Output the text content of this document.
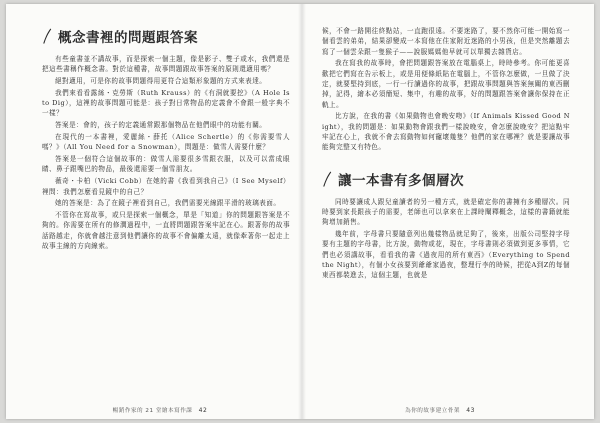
概念書裡的問題跟答案

有些童書並不講故事，而是探索一個主題，像是影子、雙子或水，我們還是把這些書稱作概念書。對於這種書，故事問題跟故事答案的原則還適用嗎？

絕對適用，可是你的故事問題得用更符合這類形象題的方式來表達。

我們來看看露絲・克勞斯（Ruth Krauss）的《有洞就要挖》（A Hole Is to Dig），這裡的故事問題可能是：孩子對日常物品的定義會不會跟一般字典不一樣？

答案是：會的，孩子的定義通常跟那個物品在他們眼中的功能有關。

在現代的一本書裡，愛麗絲・薛托（Alice Schertle）的《你需要雪人嗎？》（All You Need for a Snowman），問題是：做雪人需要什麼？

答案是一個符合這個故事的：做雪人需要很多雪跟衣服，以及可以當成眼睛、鼻子跟嘴巴的物品，最後還需要一個雪朋友。

薇奇・卡柏（Vicki Cobb）在她的書《我看到我自己》（I See Myself）裡問：我們怎麼看見鏡中的自己？

她的答案是：為了在鏡子裡看到自己，我們需要光線跟平滑的玻璃表面。

不管你在寫故事，或只是探索一個概念，單是「知道」你的問題跟答案是不夠的。你需要在所有的修潤過程中，一直將問題跟答案牢記在心。跟著你的故事話路越走，你就會越注意到他們讓你的故事不會偏離太遠，就像牽著你一起走上故事主線的方向線索。

候，不會一路開往終點站，一直跑很遠。不要迷路了，要不然你可能一開始寫一個看雲的弟弟，結果卻變成一本寫他在住家附近迷路的小男孩，但是突然離題去寫了一個雲朵跟一隻猴子——說服媽媽他早就可以單獨去雜貨店。

我在寫我的故事時，會把問題跟答案放在電腦桌上，時時參考。你可能更喜歡把它們寫在告示板上，或是用便條紙貼在電腦上，不管你怎麼做，一旦做了決定，就要堅持到底，一行一行讀過你的故事，把跟故事問題與答案無關的東西刪掉，記得，繪本必須簡短、集中，有趣的故事，好的問題跟答案會讓你保持在正軌上。

比方說，在我的書《如果動物也會晚安吻》（If Animals Kissed Good Night），我的問題是：如果動物會跟我們一樣說晚安，會怎麼說晚安？把這點牢牢記在心上，我就不會去寫動物如何寵壞幾隻？他們的家在哪裡？就是要讓故事能夠完整又有特色。

讓一本書有多個層次

同時要讓成人跟兒童讀者的另一種方式，就是確定你的書擁有多種層次。同時要到家長跟孩子的需要，老師也可以拿來在上課時闡釋概念，這樣的書籍就能夠增加銷售。

幾年前，字母書只要隨意列出幾樣物品就足夠了，後來，出版公司堅持字母要有主題的字母書，比方說，動物或花，現在，字母書則必須做到更多事情，它們也必須講故事，看看我的書《過夜用的所有東西》（Everything to Spend the Night），有個小女孩要到爺爺家過夜，整理行李的時候，把從A到Z的每個東西都裝進去，這個主題，也就是

暢銷作家的 21 堂繪本寫作課 42	為你的故事建立骨架 43
